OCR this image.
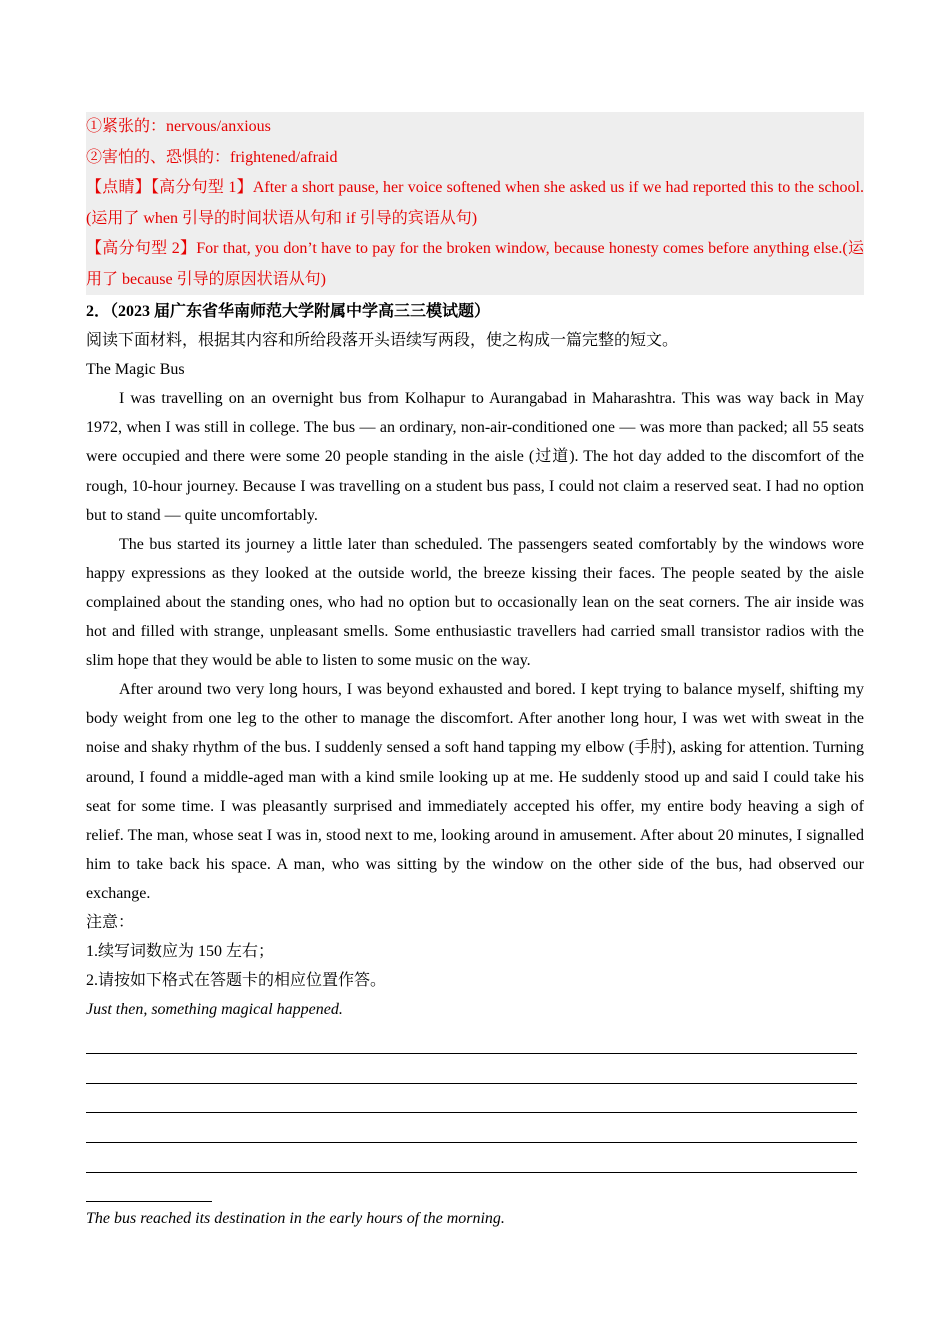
①紧张的：nervous/anxious

②害怕的、恐惧的：frightened/afraid

【点睛】【高分句型 1】After a short pause, her voice softened when she asked us if we had reported this to the school.(运用了 when 引导的时间状语从句和 if 引导的宾语从句)

【高分句型 2】For that, you don’t have to pay for the broken window, because honesty comes before anything else.(运用了 because 引导的原因状语从句)

2．（2023 届广东省华南师范大学附属中学高三三模试题）

阅读下面材料，根据其内容和所给段落开头语续写两段，使之构成一篇完整的短文。

The Magic Bus

I was travelling on an overnight bus from Kolhapur to Aurangabad in Maharashtra. This was way back in May 1972, when I was still in college. The bus — an ordinary, non-air-conditioned one — was more than packed; all 55 seats were occupied and there were some 20 people standing in the aisle (过道). The hot day added to the discomfort of the rough, 10-hour journey. Because I was travelling on a student bus pass, I could not claim a reserved seat. I had no option but to stand — quite uncomfortably.

The bus started its journey a little later than scheduled. The passengers seated comfortably by the windows wore happy expressions as they looked at the outside world, the breeze kissing their faces. The people seated by the aisle complained about the standing ones, who had no option but to occasionally lean on the seat corners. The air inside was hot and filled with strange, unpleasant smells. Some enthusiastic travellers had carried small transistor radios with the slim hope that they would be able to listen to some music on the way.

After around two very long hours, I was beyond exhausted and bored. I kept trying to balance myself, shifting my body weight from one leg to the other to manage the discomfort. After another long hour, I was wet with sweat in the noise and shaky rhythm of the bus. I suddenly sensed a soft hand tapping my elbow (手肘), asking for attention. Turning around, I found a middle-aged man with a kind smile looking up at me. He suddenly stood up and said I could take his seat for some time. I was pleasantly surprised and immediately accepted his offer, my entire body heaving a sigh of relief. The man, whose seat I was in, stood next to me, looking around in amusement. After about 20 minutes, I signalled him to take back his space. A man, who was sitting by the window on the other side of the bus, had observed our exchange.

注意：

1.续写词数应为 150 左右；

2.请按如下格式在答题卡的相应位置作答。

Just then, something magical happened.

The bus reached its destination in the early hours of the morning.
